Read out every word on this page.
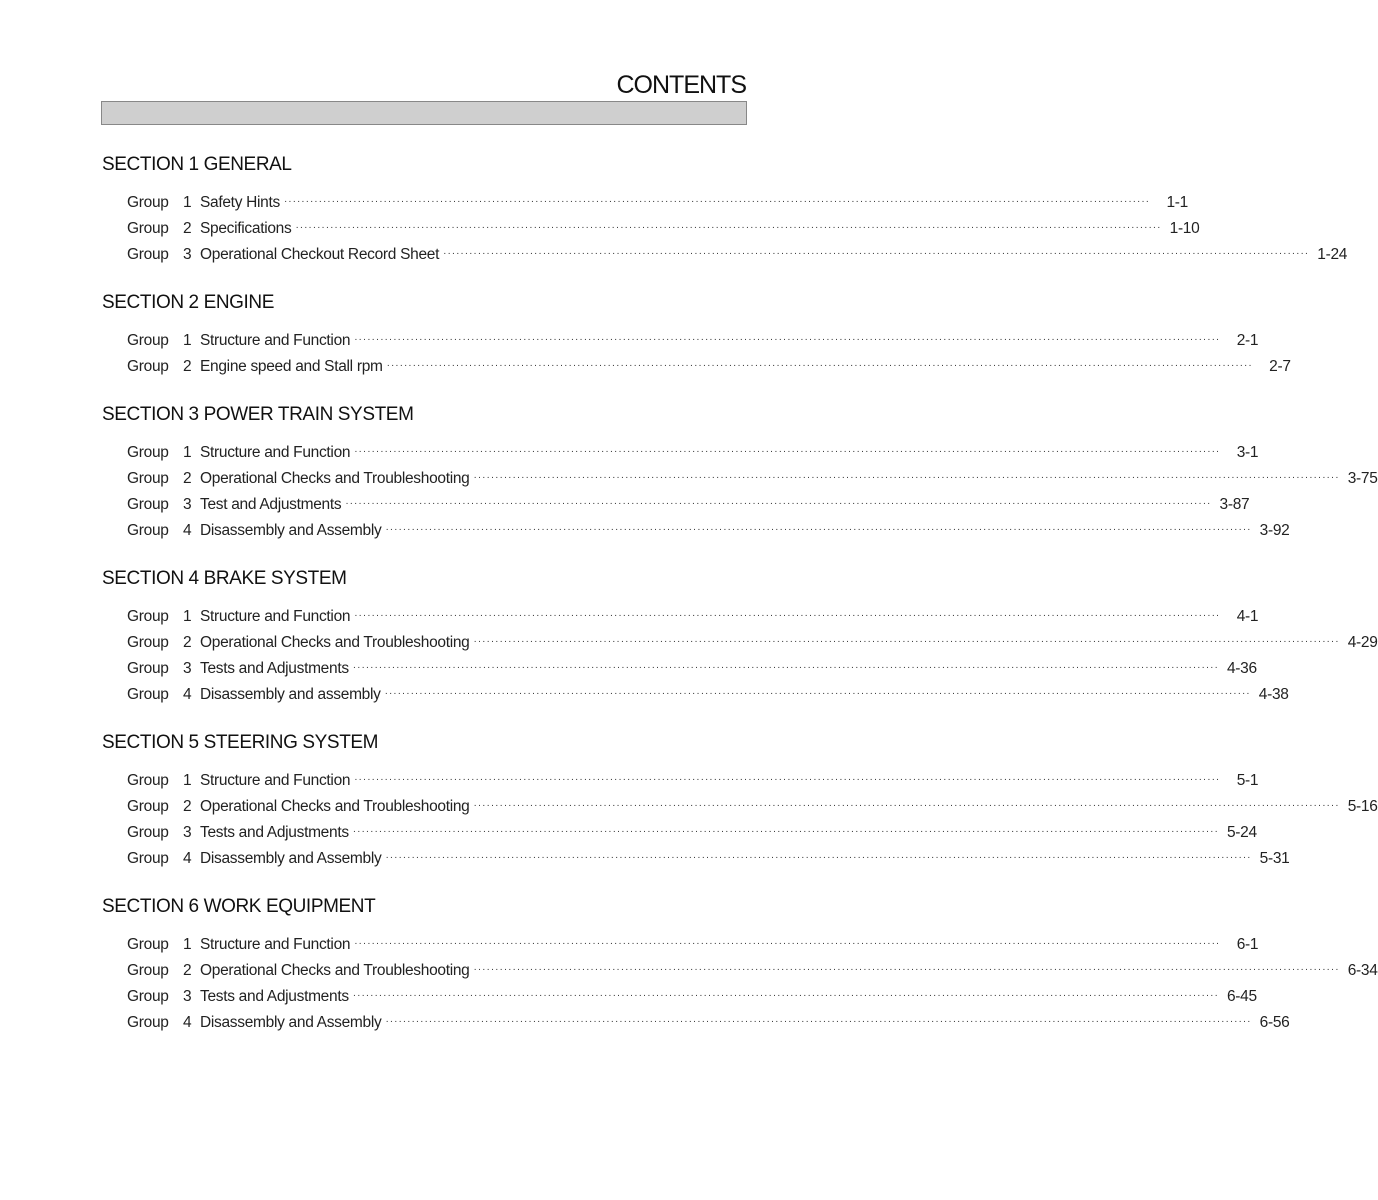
CONTENTS
SECTION 1 GENERAL
Group 1 Safety Hints ········································································································································································································	1-1
Group 2 Specifications ········································································································································································································ 1-10
Group 3 Operational Checkout Record Sheet ········································································································································································································ 1-24
SECTION 2 ENGINE
Group 1 Structure and Function ········································································································································································································	2-1
Group 2 Engine speed and Stall rpm ········································································································································································································	2-7
SECTION 3 POWER TRAIN SYSTEM
Group 1 Structure and Function ········································································································································································································	3-1
Group 2 Operational Checks and Troubleshooting ········································································································································································································ 3-75
Group 3 Test and Adjustments ········································································································································································································ 3-87
Group 4 Disassembly and Assembly ········································································································································································································ 3-92
SECTION 4 BRAKE SYSTEM
Group 1 Structure and Function ········································································································································································································	4-1
Group 2 Operational Checks and Troubleshooting ········································································································································································································ 4-29
Group 3 Tests and Adjustments ········································································································································································································ 4-36
Group 4 Disassembly and assembly ········································································································································································································ 4-38
SECTION 5 STEERING SYSTEM
Group 1 Structure and Function ········································································································································································································	5-1
Group 2 Operational Checks and Troubleshooting ········································································································································································································ 5-16
Group 3 Tests and Adjustments ········································································································································································································ 5-24
Group 4 Disassembly and Assembly ········································································································································································································ 5-31
SECTION 6 WORK EQUIPMENT
Group 1 Structure and Function ········································································································································································································	6-1
Group 2 Operational Checks and Troubleshooting ········································································································································································································ 6-34
Group 3 Tests and Adjustments ········································································································································································································ 6-45
Group 4 Disassembly and Assembly ········································································································································································································ 6-56
